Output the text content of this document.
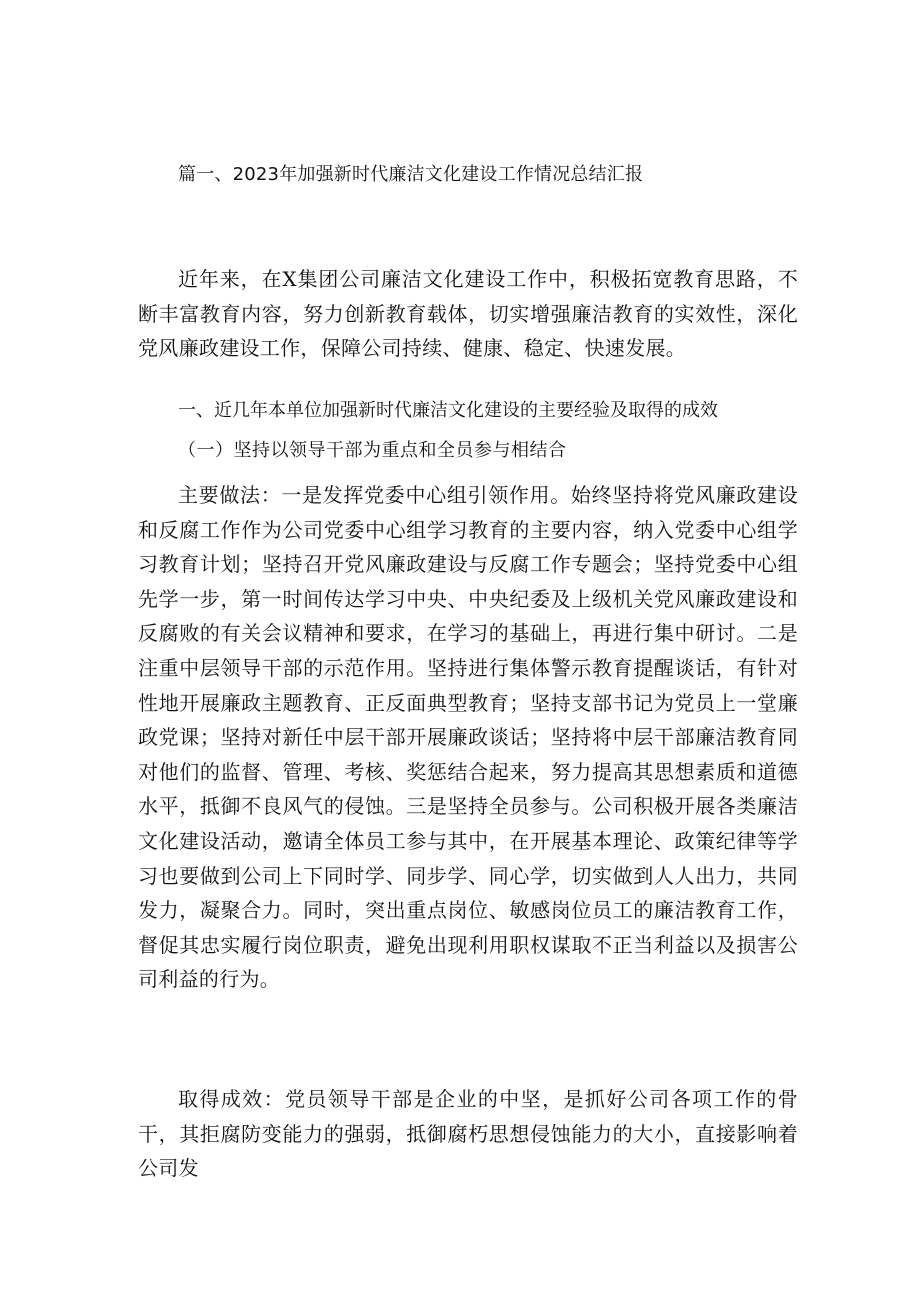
篇一、2023年加强新时代廉洁文化建设工作情况总结汇报

近年来，在X集团公司廉洁文化建设工作中，积极拓宽教育思路，不断丰富教育内容，努力创新教育载体，切实增强廉洁教育的实效性，深化党风廉政建设工作，保障公司持续、健康、稳定、快速发展。

一、近几年本单位加强新时代廉洁文化建设的主要经验及取得的成效
（一）坚持以领导干部为重点和全员参与相结合

主要做法：一是发挥党委中心组引领作用。始终坚持将党风廉政建设和反腐工作作为公司党委中心组学习教育的主要内容，纳入党委中心组学习教育计划；坚持召开党风廉政建设与反腐工作专题会；坚持党委中心组先学一步，第一时间传达学习中央、中央纪委及上级机关党风廉政建设和反腐败的有关会议精神和要求，在学习的基础上，再进行集中研讨。二是注重中层领导干部的示范作用。坚持进行集体警示教育提醒谈话，有针对性地开展廉政主题教育、正反面典型教育；坚持支部书记为党员上一堂廉政党课；坚持对新任中层干部开展廉政谈话；坚持将中层干部廉洁教育同对他们的监督、管理、考核、奖惩结合起来，努力提高其思想素质和道德水平，抵御不良风气的侵蚀。三是坚持全员参与。公司积极开展各类廉洁文化建设活动，邀请全体员工参与其中，在开展基本理论、政策纪律等学习也要做到公司上下同时学、同步学、同心学，切实做到人人出力，共同发力，凝聚合力。同时，突出重点岗位、敏感岗位员工的廉洁教育工作，督促其忠实履行岗位职责，避免出现利用职权谋取不正当利益以及损害公司利益的行为。

取得成效：党员领导干部是企业的中坚，是抓好公司各项工作的骨干，其拒腐防变能力的强弱，抵御腐朽思想侵蚀能力的大小，直接影响着公司发
